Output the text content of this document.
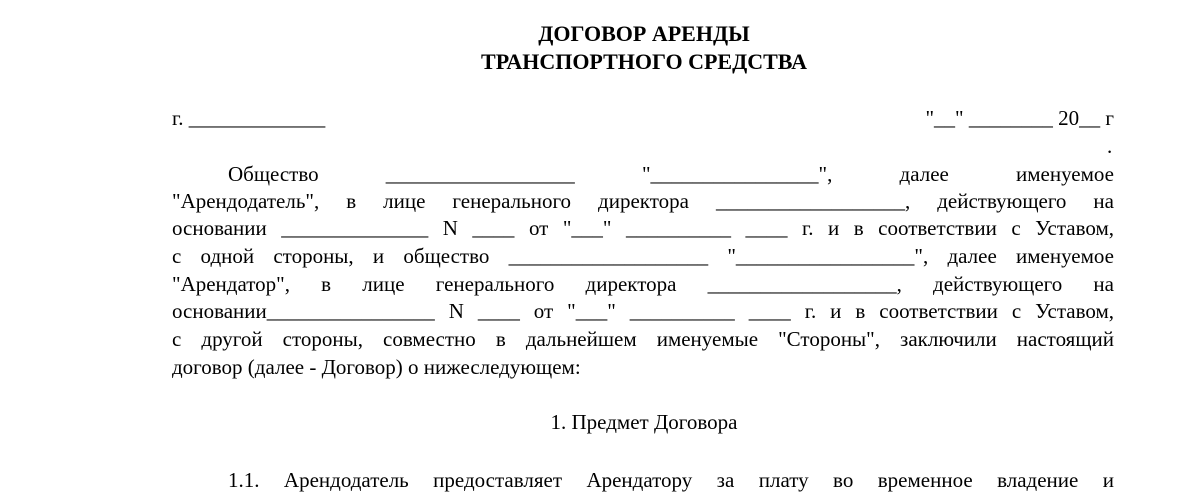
ДОГОВОР АРЕНДЫ
ТРАНСПОРТНОГО СРЕДСТВА
г. _____________	"__" ________ 20__ г
.
Общество        __________________        "________________",        далее        именуемое
"Арендодатель", в лице генерального директора __________________, действующего на
основании ______________ N ____ от "___" __________ ____ г. и в соответствии с Уставом,
с одной стороны, и общество ___________________ "_________________", далее именуемое
"Арендатор", в лице генерального директора __________________, действующего на
основании________________ N ____ от "___" __________ ____ г. и в соответствии с Уставом,
с другой стороны, совместно в дальнейшем именуемые "Стороны", заключили настоящий
договор (далее - Договор) о нижеследующем:
1. Предмет Договора
1.1. Арендодатель предоставляет Арендатору за плату во временное владение и
